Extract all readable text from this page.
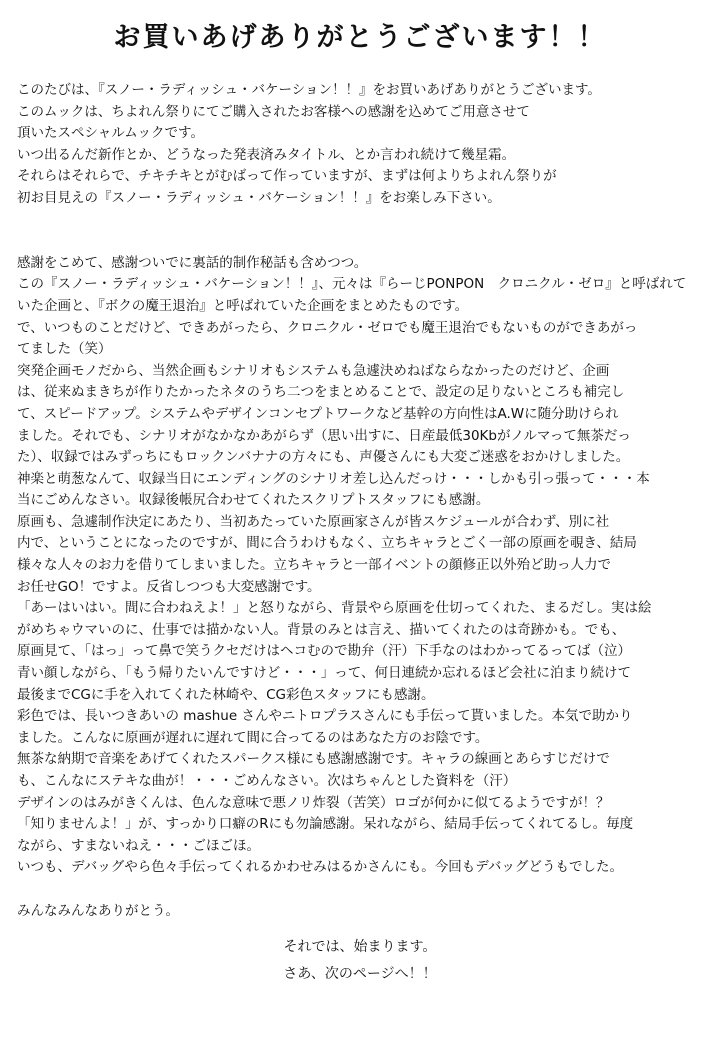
お買いあげありがとうございます！！
このたびは、『スノー・ラディッシュ・バケーション！！』をお買いあげありがとうございます。
このムックは、ちよれん祭りにてご購入されたお客様への感謝を込めてご用意させて
頂いたスペシャルムックです。
いつ出るんだ新作とか、どうなった発表済みタイトル、とか言われ続けて幾星霜。
それらはそれらで、チキチキとがむばって作っていますが、まずは何よりちよれん祭りが
初お目見えの『スノー・ラディッシュ・バケーション！！』をお楽しみ下さい。
感謝をこめて、感謝ついでに裏話的制作秘話も含めつつ。
この『スノー・ラディッシュ・バケーション！！』、元々は『らーじPONPON　クロニクル・ゼロ』と呼ばれて
いた企画と、『ボクの魔王退治』と呼ばれていた企画をまとめたものです。
で、いつものことだけど、できあがったら、クロニクル・ゼロでも魔王退治でもないものができあがっ
てました（笑）
突発企画モノだから、当然企画もシナリオもシステムも急遽決めねばならなかったのだけど、企画
は、従来ぬまきちが作りたかったネタのうち二つをまとめることで、設定の足りないところも補完し
て、スピードアップ。システムやデザインコンセプトワークなど基幹の方向性はA.Wに随分助けられ
ました。それでも、シナリオがなかなかあがらず（思い出すに、日産最低30Kbがノルマって無茶だっ
た）、収録ではみずっちにもロックンバナナの方々にも、声優さんにも大変ご迷惑をおかけしました。
神楽と萌葱なんて、収録当日にエンディングのシナリオ差し込んだっけ・・・しかも引っ張って・・・本
当にごめんなさい。収録後帳尻合わせてくれたスクリプトスタッフにも感謝。
原画も、急遽制作決定にあたり、当初あたっていた原画家さんが皆スケジュールが合わず、別に社
内で、ということになったのですが、間に合うわけもなく、立ちキャラとごく一部の原画を覗き、結局
様々な人々のお力を借りてしまいました。立ちキャラと一部イベントの顔修正以外殆ど助っ人力で
お任せGO！ですよ。反省しつつも大変感謝です。
「あーはいはい。間に合わねえよ！」と怒りながら、背景やら原画を仕切ってくれた、まるだし。実は絵
がめちゃウマいのに、仕事では描かない人。背景のみとは言え、描いてくれたのは奇跡かも。でも、
原画見て、「はっ」って鼻で笑うクセだけはヘコむので勘弁（汗）下手なのはわかってるってば（泣）
青い顔しながら、「もう帰りたいんですけど・・・」って、何日連続か忘れるほど会社に泊まり続けて
最後までCGに手を入れてくれた林崎や、CG彩色スタッフにも感謝。
彩色では、長いつきあいの mashue さんやニトロプラスさんにも手伝って貰いました。本気で助かり
ました。こんなに原画が遅れに遅れて間に合ってるのはあなた方のお陰です。
無茶な納期で音楽をあげてくれたスパークス様にも感謝感謝です。キャラの線画とあらすじだけで
も、こんなにステキな曲が！・・・ごめんなさい。次はちゃんとした資料を（汗）
デザインのはみがきくんは、色んな意味で悪ノリ炸裂（苦笑）ロゴが何かに似てるようですが！？
「知りませんよ！」が、すっかり口癖のRにも勿論感謝。呆れながら、結局手伝ってくれてるし。毎度
ながら、すまないねえ・・・ごほごほ。
いつも、デバッグやら色々手伝ってくれるかわせみはるかさんにも。今回もデバッグどうもでした。
みんなみんなありがとう。
それでは、始まります。
さあ、次のページへ！！
